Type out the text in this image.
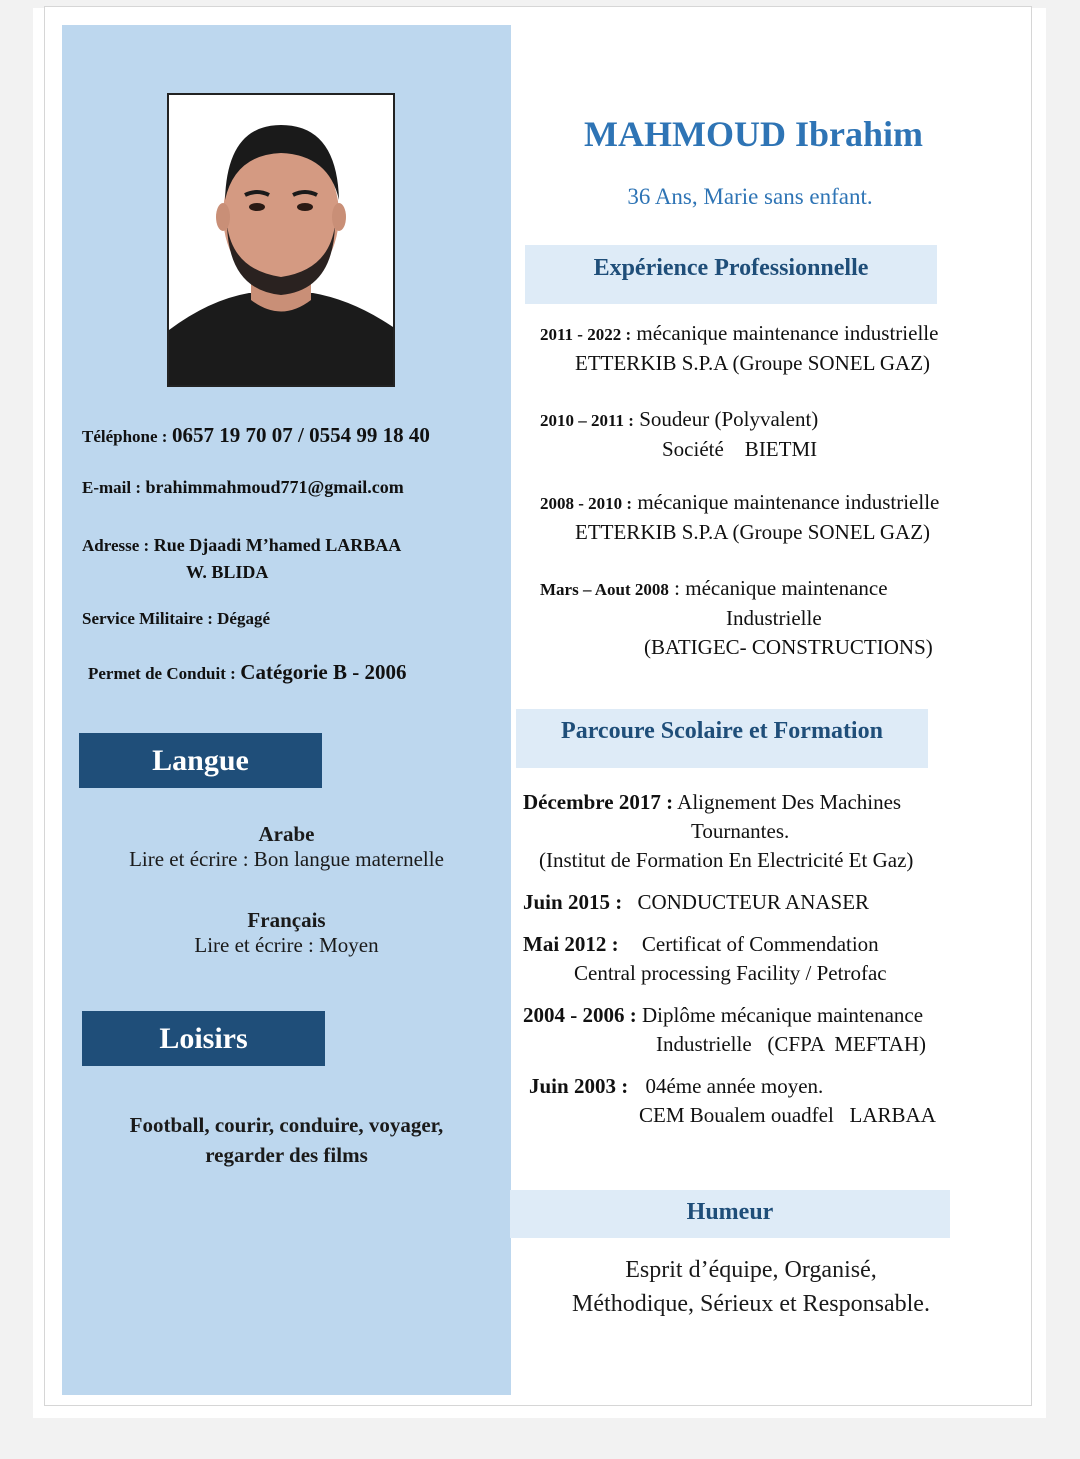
Téléphone : 0657 19 70 07 / 0554 99 18 40
E-mail : brahimmahmoud771@gmail.com
Adresse : Rue Djaadi M’hamed LARBAA
W. BLIDA
Service Militaire : Dégagé
Permet de Conduit : Catégorie B - 2006
Langue
Arabe
Lire et écrire : Bon langue maternelle
Français
Lire et écrire : Moyen
Loisirs
Football, courir, conduire, voyager,
regarder des films
MAHMOUD Ibrahim
36 Ans, Marie sans enfant.
Expérience Professionnelle
2011 - 2022 : mécanique maintenance industrielle
ETTERKIB S.P.A (Groupe SONEL GAZ)
2010 – 2011 : Soudeur (Polyvalent)
Société    BIETMI
2008 - 2010 : mécanique maintenance industrielle
ETTERKIB S.P.A (Groupe SONEL GAZ)
Mars – Aout 2008 : mécanique maintenance
Industrielle
(BATIGEC- CONSTRUCTIONS)
Parcoure Scolaire et Formation
Décembre 2017 : Alignement Des Machines
Tournantes.
(Institut de Formation En Electricité Et Gaz)
Juin 2015 : CONDUCTEUR ANASER
Mai 2012 : Certificat of Commendation
Central processing Facility / Petrofac
2004 - 2006 : Diplôme mécanique maintenance
Industrielle   (CFPA  MEFTAH)
Juin 2003 : 04éme année moyen.
CEM Boualem ouadfel   LARBAA
Humeur
Esprit d’équipe, Organisé,
Méthodique, Sérieux et Responsable.
